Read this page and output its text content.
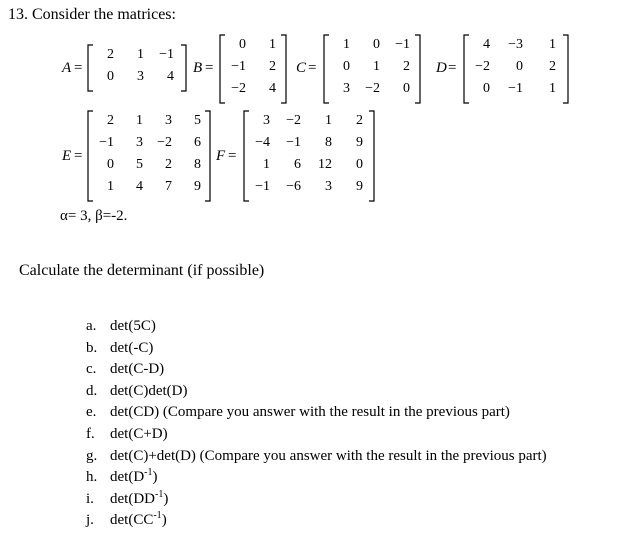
13. Consider the matrices:
A =	B =	C =	D =
E =	F =
2	1	−1
0	3	4
0	1
−1	2
−2	4
1	0	−1
0	1	2
3	−2	0
4	−3	1
−2	0	2
0	−1	1
2	1	3	5
−1	3	−2	6
0	5	2	8
1	4	7	9
3	−2	1	2
−4	−1	8	9
1	6	12	0
−1	−6	3	9
α= 3, β=-2.
Calculate the determinant (if possible)
a. det(5C)
b. det(-C)
c. det(C-D)
d. det(C)det(D)
e. det(CD) (Compare you answer with the result in the previous part)
f. det(C+D)
g. det(C)+det(D) (Compare you answer with the result in the previous part)
h. $\det(D^{-1})$
i. $\det(DD^{-1})$
j. $\det(CC^{-1})$
